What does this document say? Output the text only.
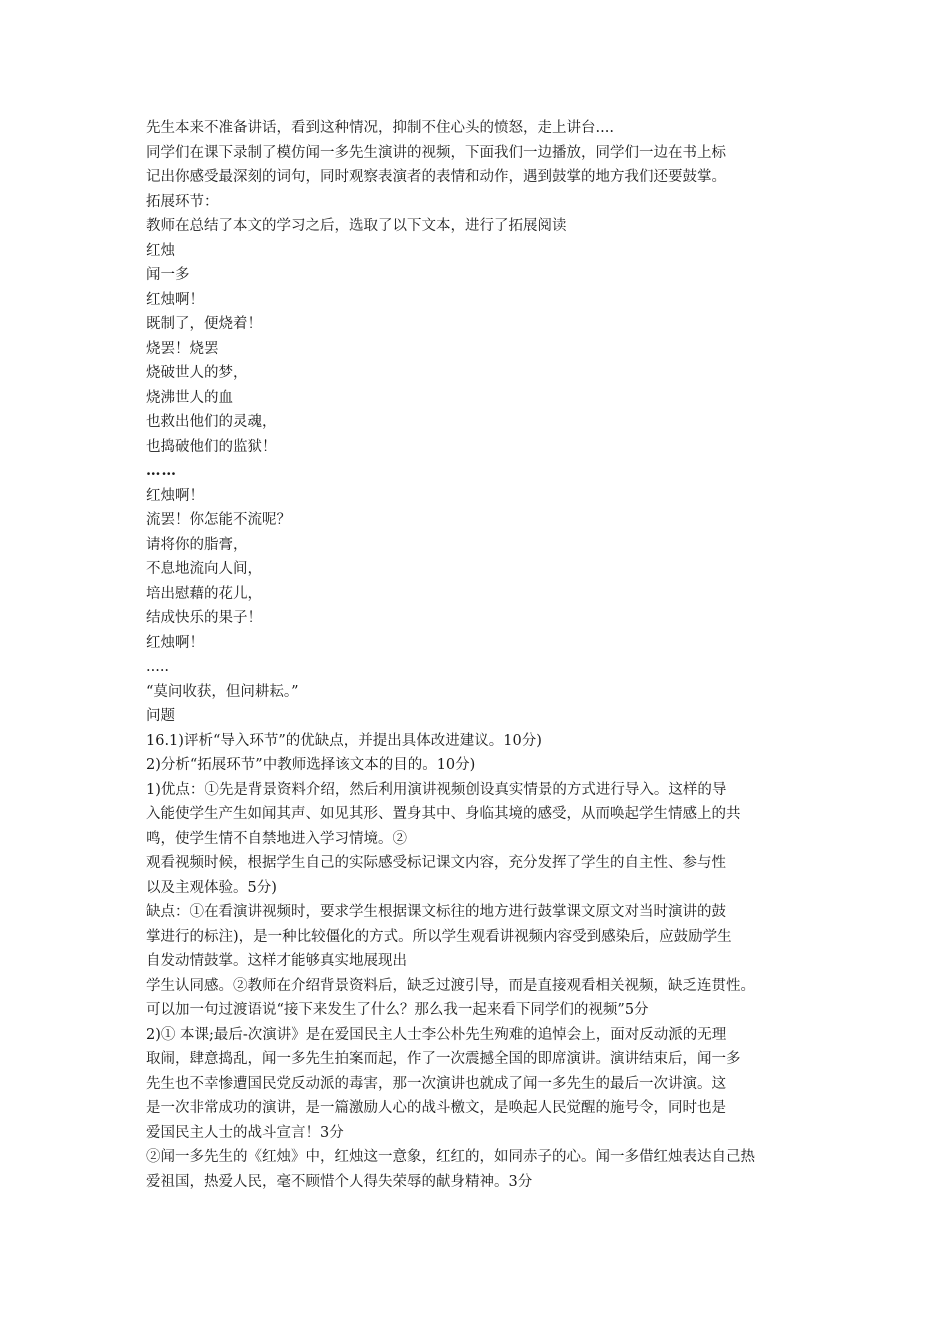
先生本来不准备讲话，看到这种情况，抑制不住心头的愤怒，走上讲台....
同学们在课下录制了模仿闻一多先生演讲的视频，下面我们一边播放，同学们一边在书上标
记出你感受最深刻的词句，同时观察表演者的表情和动作，遇到鼓掌的地方我们还要鼓掌。
拓展环节：
教师在总结了本文的学习之后，选取了以下文本，进行了拓展阅读
红烛
闻一多
红烛啊！
既制了，便烧着！
烧罢！烧罢
烧破世人的梦，
烧沸世人的血
也救出他们的灵魂，
也捣破他们的监狱！
……
红烛啊！
流罢！你怎能不流呢？
请将你的脂膏，
不息地流向人间，
培出慰藉的花儿，
结成快乐的果子！
红烛啊！
.....
“莫问收获，但问耕耘。”
问题
16.1)评析“导入环节”的优缺点，并提出具体改进建议。10分)
2)分析“拓展环节”中教师选择该文本的目的。10分)
1)优点：①先是背景资料介绍，然后利用演讲视频创设真实情景的方式进行导入。这样的导
入能使学生产生如闻其声、如见其形、置身其中、身临其境的感受，从而唤起学生情感上的共
鸣，使学生情不自禁地进入学习情境。②
观看视频时候，根据学生自己的实际感受标记课文内容，充分发挥了学生的自主性、参与性
以及主观体验。5分)
缺点：①在看演讲视频时，要求学生根据课文标往的地方进行鼓掌课文原文对当时演讲的鼓
掌进行的标注)，是一种比较僵化的方式。所以学生观看讲视频内容受到感染后，应鼓励学生
自发动情鼓掌。这样才能够真实地展现出
学生认同感。②教师在介绍背景资料后，缺乏过渡引导，而是直接观看相关视频，缺乏连贯性。
可以加一句过渡语说“接下来发生了什么？那么我一起来看下同学们的视频”5分
2)① 本课;最后-次演讲》是在爱国民主人士李公朴先生殉难的追悼会上，面对反动派的无理
取闹，肆意捣乱，闻一多先生拍案而起，作了一次震撼全国的即席演讲。演讲结束后，闻一多
先生也不幸惨遭国民党反动派的毒害，那一次演讲也就成了闻一多先生的最后一次讲演。这
是一次非常成功的演讲，是一篇激励人心的战斗檄文，是唤起人民觉醒的施号令，同时也是
爱国民主人士的战斗宣言！3分
②闻一多先生的《红烛》中，红烛这一意象，红红的，如同赤子的心。闻一多借红烛表达自己热
爱祖国，热爱人民，毫不顾惜个人得失荣辱的献身精神。3分
